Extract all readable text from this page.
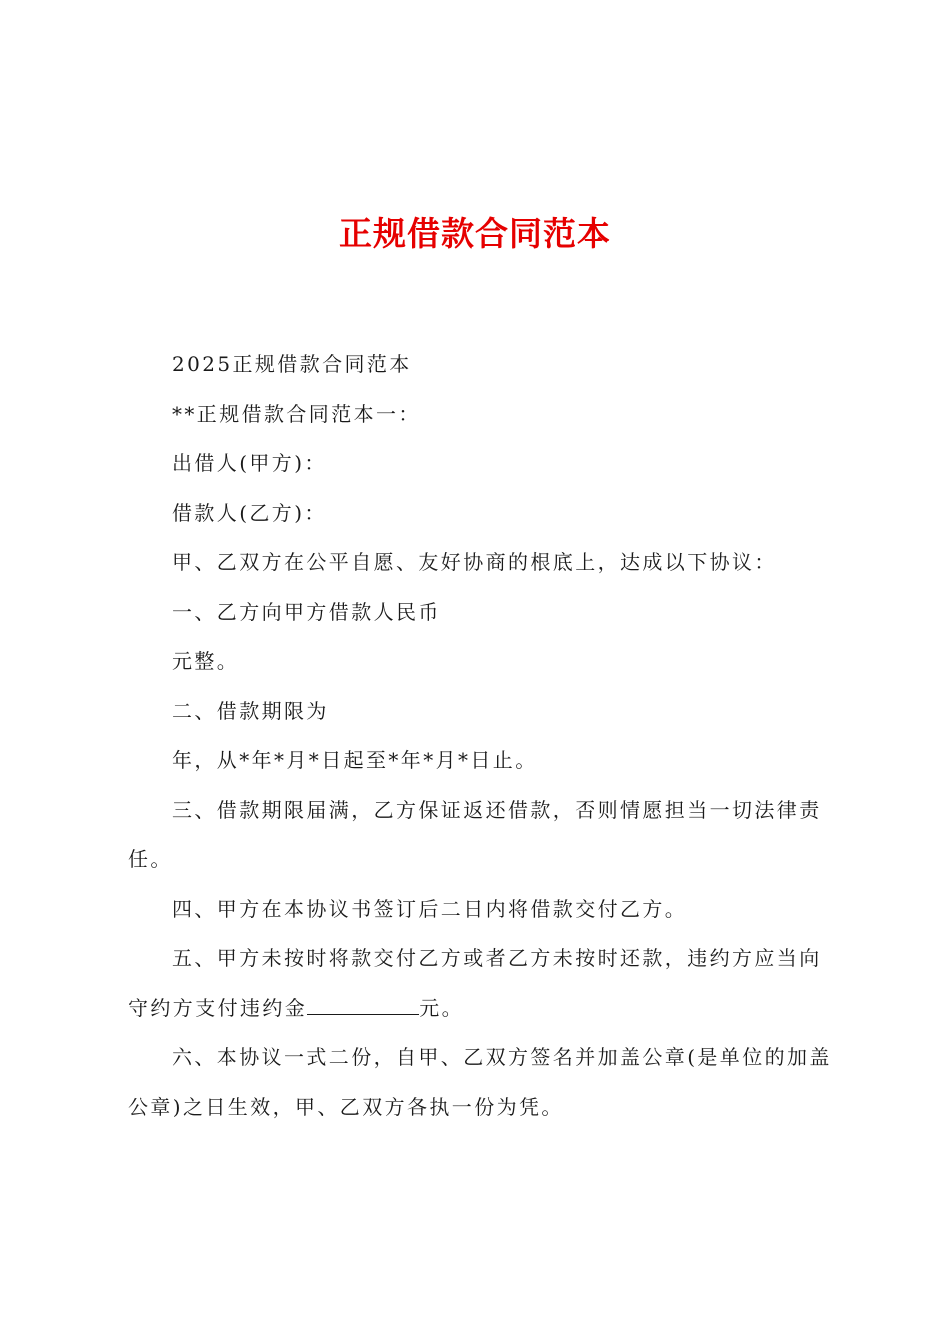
正规借款合同范本

2025正规借款合同范本

**正规借款合同范本一：

出借人(甲方)：

借款人(乙方)：

甲、乙双方在公平自愿、友好协商的根底上，达成以下协议：

一、乙方向甲方借款人民币

元整。

二、借款期限为

年，从*年*月*日起至*年*月*日止。

三、借款期限届满，乙方保证返还借款，否则情愿担当一切法律责任。

四、甲方在本协议书签订后二日内将借款交付乙方。

五、甲方未按时将款交付乙方或者乙方未按时还款，违约方应当向守约方支付违约金	元。

六、本协议一式二份，自甲、乙双方签名并加盖公章(是单位的加盖公章)之日生效，甲、乙双方各执一份为凭。
